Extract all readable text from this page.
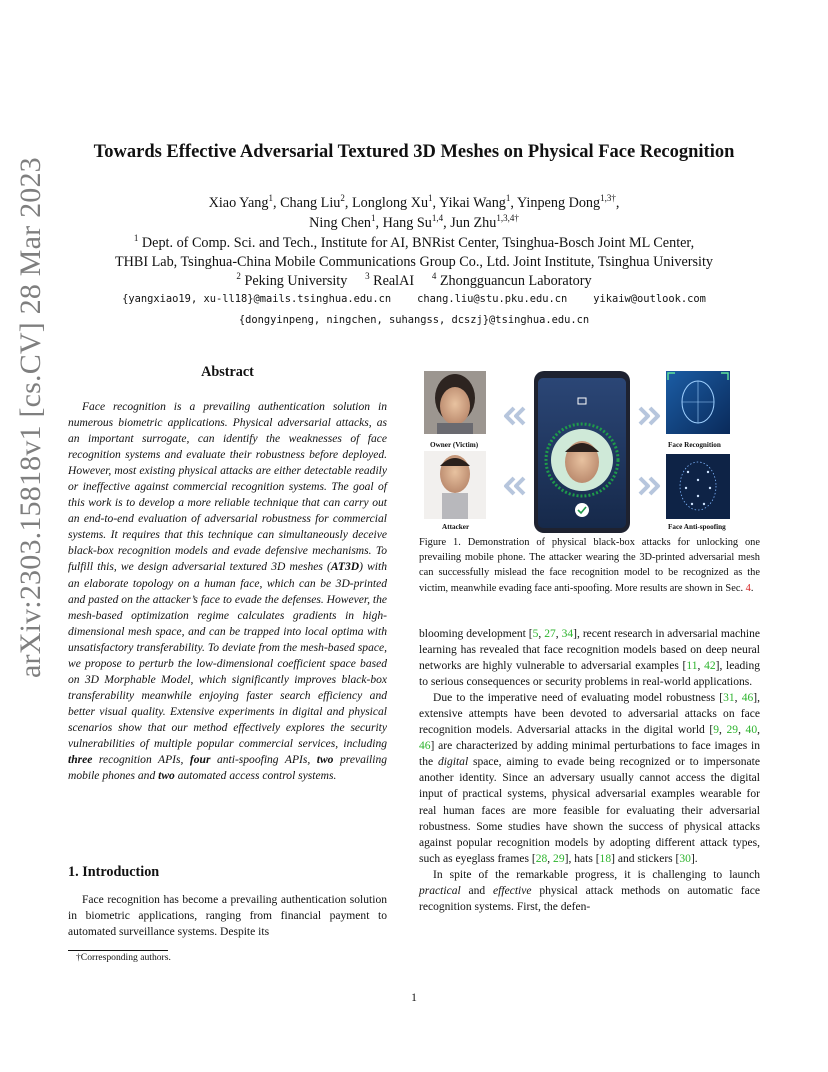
arXiv:2303.15818v1 [cs.CV] 28 Mar 2023
Towards Effective Adversarial Textured 3D Meshes on Physical Face Recognition
Xiao Yang$^1$, Chang Liu$^2$, Longlong Xu$^1$, Yikai Wang$^1$, Yinpeng Dong$^{1,3\dagger}$,
Ning Chen$^1$, Hang Su$^{1,4}$, Jun Zhu$^{1,3,4\dagger}$
$^1$ Dept. of Comp. Sci. and Tech., Institute for AI, BNRist Center, Tsinghua-Bosch Joint ML Center,
THBI Lab, Tsinghua-China Mobile Communications Group Co., Ltd. Joint Institute, Tsinghua University
$^2$ Peking University     $^3$ RealAI     $^4$ Zhongguancun Laboratory
{yangxiao19, xu-ll18}@mails.tsinghua.edu.cn	chang.liu@stu.pku.edu.cn	yikaiw@outlook.com
{dongyinpeng, ningchen, suhangss, dcszj}@tsinghua.edu.cn
Abstract

Face recognition is a prevailing authentication solution in numerous biometric applications. Physical adversarial attacks, as an important surrogate, can identify the weaknesses of face recognition systems and evaluate their robustness before deployed. However, most existing physical attacks are either detectable readily or ineffective against commercial recognition systems. The goal of this work is to develop a more reliable technique that can carry out an end-to-end evaluation of adversarial robustness for commercial systems. It requires that this technique can simultaneously deceive black-box recognition models and evade defensive mechanisms. To fulfill this, we design adversarial textured 3D meshes (AT3D) with an elaborate topology on a human face, which can be 3D-printed and pasted on the attacker’s face to evade the defenses. However, the mesh-based optimization regime calculates gradients in high-dimensional mesh space, and can be trapped into local optima with unsatisfactory transferability. To deviate from the mesh-based space, we propose to perturb the low-dimensional coefficient space based on 3D Morphable Model, which significantly improves black-box transferability meanwhile enjoying faster search efficiency and better visual quality. Extensive experiments in digital and physical scenarios show that our method effectively explores the security vulnerabilities of multiple popular commercial services, including three recognition APIs, four anti-spoofing APIs, two prevailing mobile phones and two automated access control systems.

1. Introduction

Face recognition has become a prevailing authentication solution in biometric applications, ranging from financial payment to automated surveillance systems. Despite its

†Corresponding authors.
1
Owner (Victim)
Attacker
Face Recognition
Face Anti-spoofing
Figure 1. Demonstration of physical black-box attacks for unlocking one prevailing mobile phone. The attacker wearing the 3D-printed adversarial mesh can successfully mislead the face recognition model to be recognized as the victim, meanwhile evading face anti-spoofing. More results are shown in Sec. 4.

blooming development [5, 27, 34], recent research in adversarial machine learning has revealed that face recognition models based on deep neural networks are highly vulnerable to adversarial examples [11, 42], leading to serious consequences or security problems in real-world applications.

Due to the imperative need of evaluating model robustness [31, 46], extensive attempts have been devoted to adversarial attacks on face recognition models. Adversarial attacks in the digital world [9, 29, 40, 46] are characterized by adding minimal perturbations to face images in the digital space, aiming to evade being recognized or to impersonate another identity. Since an adversary usually cannot access the digital input of practical systems, physical adversarial examples wearable for real human faces are more feasible for evaluating their adversarial robustness. Some studies have shown the success of physical attacks against popular recognition models by adopting different attack types, such as eyeglass frames [28, 29], hats [18] and stickers [30].

In spite of the remarkable progress, it is challenging to launch practical and effective physical attack methods on automatic face recognition systems. First, the defen-
